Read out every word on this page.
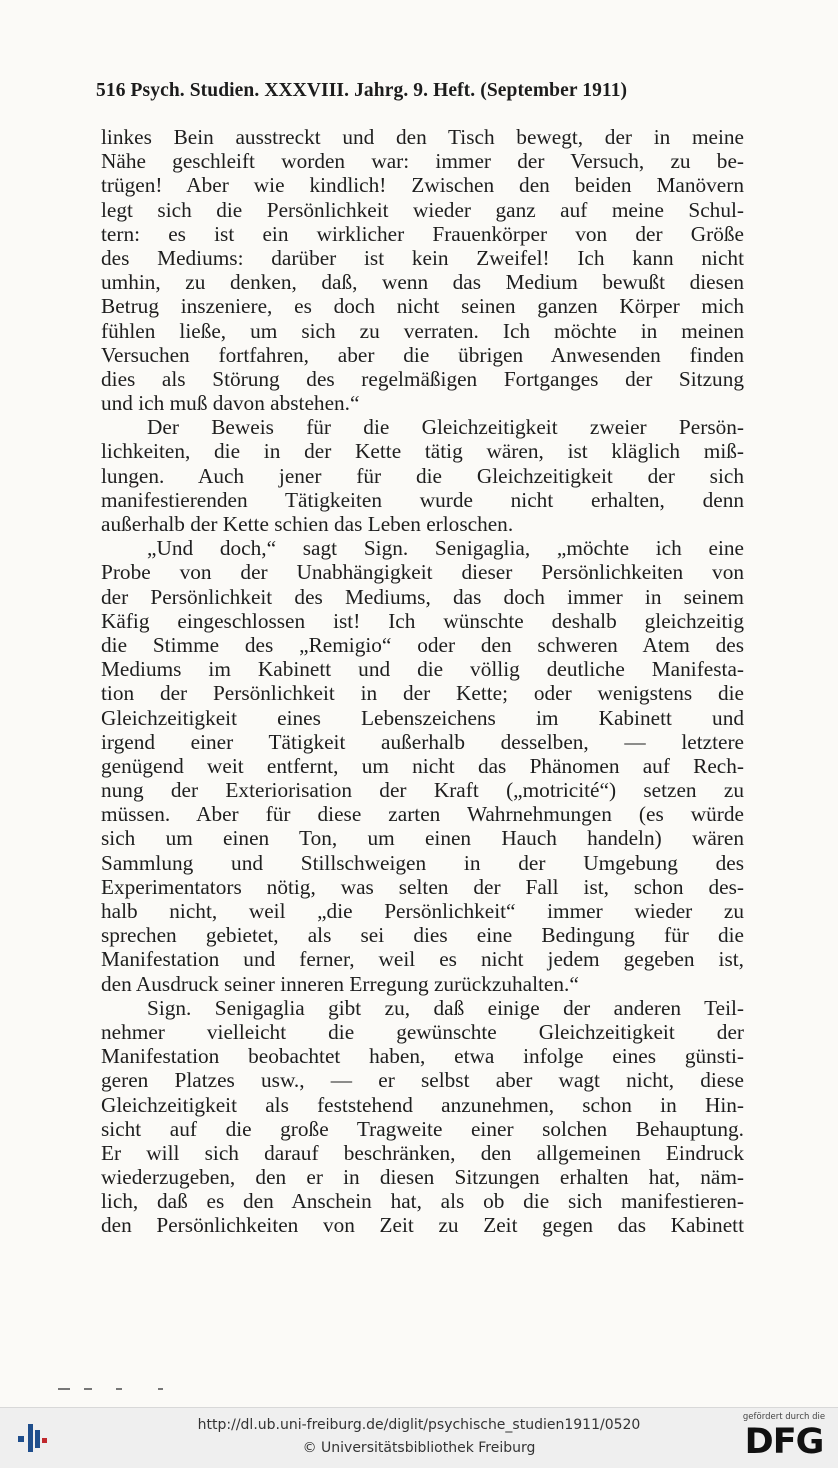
516 Psych. Studien. XXXVIII. Jahrg. 9. Heft. (September 1911)
linkes Bein ausstreckt und den Tisch bewegt, der in meine
Nähe geschleift worden war: immer der Versuch, zu be-
trügen! Aber wie kindlich! Zwischen den beiden Manövern
legt sich die Persönlichkeit wieder ganz auf meine Schul-
tern: es ist ein wirklicher Frauenkörper von der Größe
des Mediums: darüber ist kein Zweifel! Ich kann nicht
umhin, zu denken, daß, wenn das Medium bewußt diesen
Betrug inszeniere, es doch nicht seinen ganzen Körper mich
fühlen ließe, um sich zu verraten. Ich möchte in meinen
Versuchen fortfahren, aber die übrigen Anwesenden finden
dies als Störung des regelmäßigen Fortganges der Sitzung
und ich muß davon abstehen.“
Der Beweis für die Gleichzeitigkeit zweier Persön-
lichkeiten, die in der Kette tätig wären, ist kläglich miß-
lungen. Auch jener für die Gleichzeitigkeit der sich
manifestierenden Tätigkeiten wurde nicht erhalten, denn
außerhalb der Kette schien das Leben erloschen.
„Und doch,“ sagt Sign. Senigaglia, „möchte ich eine
Probe von der Unabhängigkeit dieser Persönlichkeiten von
der Persönlichkeit des Mediums, das doch immer in seinem
Käfig eingeschlossen ist! Ich wünschte deshalb gleichzeitig
die Stimme des „Remigio“ oder den schweren Atem des
Mediums im Kabinett und die völlig deutliche Manifesta-
tion der Persönlichkeit in der Kette; oder wenigstens die
Gleichzeitigkeit eines Lebenszeichens im Kabinett und
irgend einer Tätigkeit außerhalb desselben, — letztere
genügend weit entfernt, um nicht das Phänomen auf Rech-
nung der Exteriorisation der Kraft („motricité“) setzen zu
müssen. Aber für diese zarten Wahrnehmungen (es würde
sich um einen Ton, um einen Hauch handeln) wären
Sammlung und Stillschweigen in der Umgebung des
Experimentators nötig, was selten der Fall ist, schon des-
halb nicht, weil „die Persönlichkeit“ immer wieder zu
sprechen gebietet, als sei dies eine Bedingung für die
Manifestation und ferner, weil es nicht jedem gegeben ist,
den Ausdruck seiner inneren Erregung zurückzuhalten.“
Sign. Senigaglia gibt zu, daß einige der anderen Teil-
nehmer vielleicht die gewünschte Gleichzeitigkeit der
Manifestation beobachtet haben, etwa infolge eines günsti-
geren Platzes usw., — er selbst aber wagt nicht, diese
Gleichzeitigkeit als feststehend anzunehmen, schon in Hin-
sicht auf die große Tragweite einer solchen Behauptung.
Er will sich darauf beschränken, den allgemeinen Eindruck
wiederzugeben, den er in diesen Sitzungen erhalten hat, näm-
lich, daß es den Anschein hat, als ob die sich manifestieren-
den Persönlichkeiten von Zeit zu Zeit gegen das Kabinett
http://dl.ub.uni-freiburg.de/diglit/psychische_studien1911/0520
© Universitätsbibliothek Freiburg
gefördert durch die
DFG
